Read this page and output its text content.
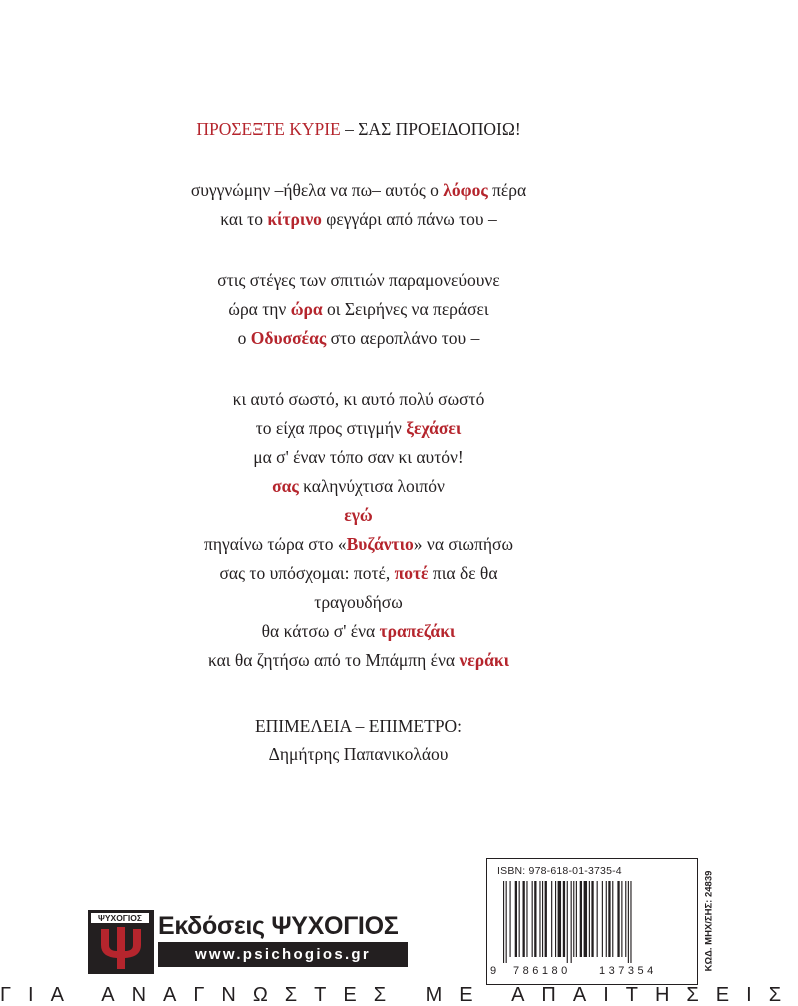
ΠΡΟΣΕΞΤΕ ΚΥΡΙΕ – ΣΑΣ ΠΡΟΕΙΔΟΠΟΙΩ!
συγγνώμην –ήθελα να πω– αυτός ο λόφος πέρα
και το κίτρινο φεγγάρι από πάνω του –
στις στέγες των σπιτιών παραμονεύουνε
ώρα την ώρα οι Σειρήνες να περάσει
ο Οδυσσέας στο αεροπλάνο του –
κι αυτό σωστό, κι αυτό πολύ σωστό
το είχα προς στιγμήν ξεχάσει
μα σ' έναν τόπο σαν κι αυτόν!
σας καληνύχτισα λοιπόν
εγώ
πηγαίνω τώρα στο «Βυζάντιο» να σιωπήσω
σας το υπόσχομαι: ποτέ, ποτέ πια δε θα
τραγουδήσω
θα κάτσω σ' ένα τραπεζάκι
και θα ζητήσω από το Μπάμπη ένα νεράκι
ΕΠΙΜΕΛΕΙΑ – ΕΠΙΜΕΤΡΟ:
Δημήτρης Παπανικολάου
ISBN: 978-618-01-3735-4
9 786180	137354
ΚΩΔ. ΜΗΧ/ΣΗΣ: 24839
ΨΥΧΟΓΙΟΣ Εκδόσεις ΨΥΧΟΓΙΟΣ
www.psichogios.gr
ΓΙΑ ΑΝΑΓΝΩΣΤΕΣ ΜΕ ΑΠΑΙΤΗΣΕΙΣ
